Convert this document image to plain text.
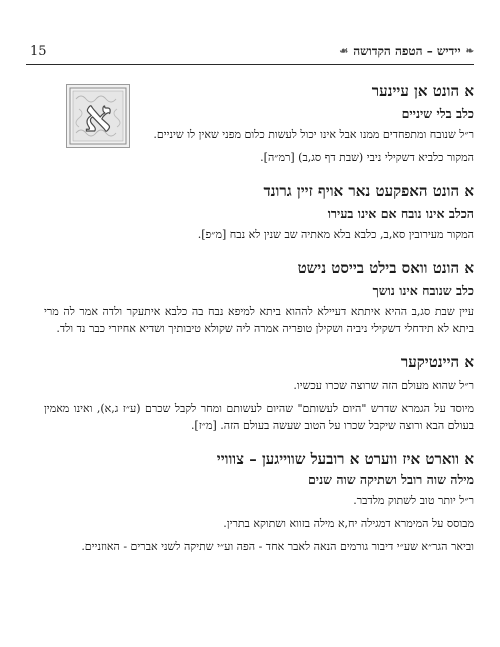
15	❧
יידיש – הטפה הקדושה
☙
א

א הונט אן עיינער

כלב בלי שיניים

ר״ל שנובח ומתפחדים ממנו אבל אינו יכול לעשות כלום מפני שאין לו שיניים.

המקור כלביא דשקילי ניבי (שבת דף סג,ב) [רמ״ה].

א הונט האפקעט נאר אויף זיין גרונד

הכלב אינו נובח אם אינו בעירו

המקור מעירובין סא,ב, כלבא בלא מאתיה שב שנין לא נבח [מ״פ].

א הונט וואס בילט בייסט נישט

כלב שנובח אינו נושך

עיין שבת סג,ב ההיא איתתא דעיילא לההוא ביתא למיפא נבח בה כלבא איתעקר ולדה אמר לה מרי ביתא לא תידחלי דשקילי ניביה ושקילן טופריה אמרה ליה שקולא טיבותיך ושדיא אחיזרי כבר נד ולד.

א היינטיקער

ר״ל שהוא מעולם הזה שרוצה שכרו עכשיו.

מיוסד על הגמרא שדרש "היום לעשותם" שהיום לעשותם ומחר לקבל שכרם (ע״ז ג,א), ואינו מאמין בעולם הבא ורוצה שיקבל שכרו על הטוב שעשה בעולם הזה. [מ״ז].

א ווארט איז ווערט א רובעל שווייגען – צווויי

מילה שוה רובל ושתיקה שוה שנים

ר״ל יותר טוב לשתוק מלדבר.

מבוסס על המימרא דמגילה יח,א מילה בזווא ושתוקא בתרין.

וביאר הגר״א שע״י דיבור גורמים הנאה לאבר אחד - הפה וע״י שתיקה לשני אברים - האוזניים.
